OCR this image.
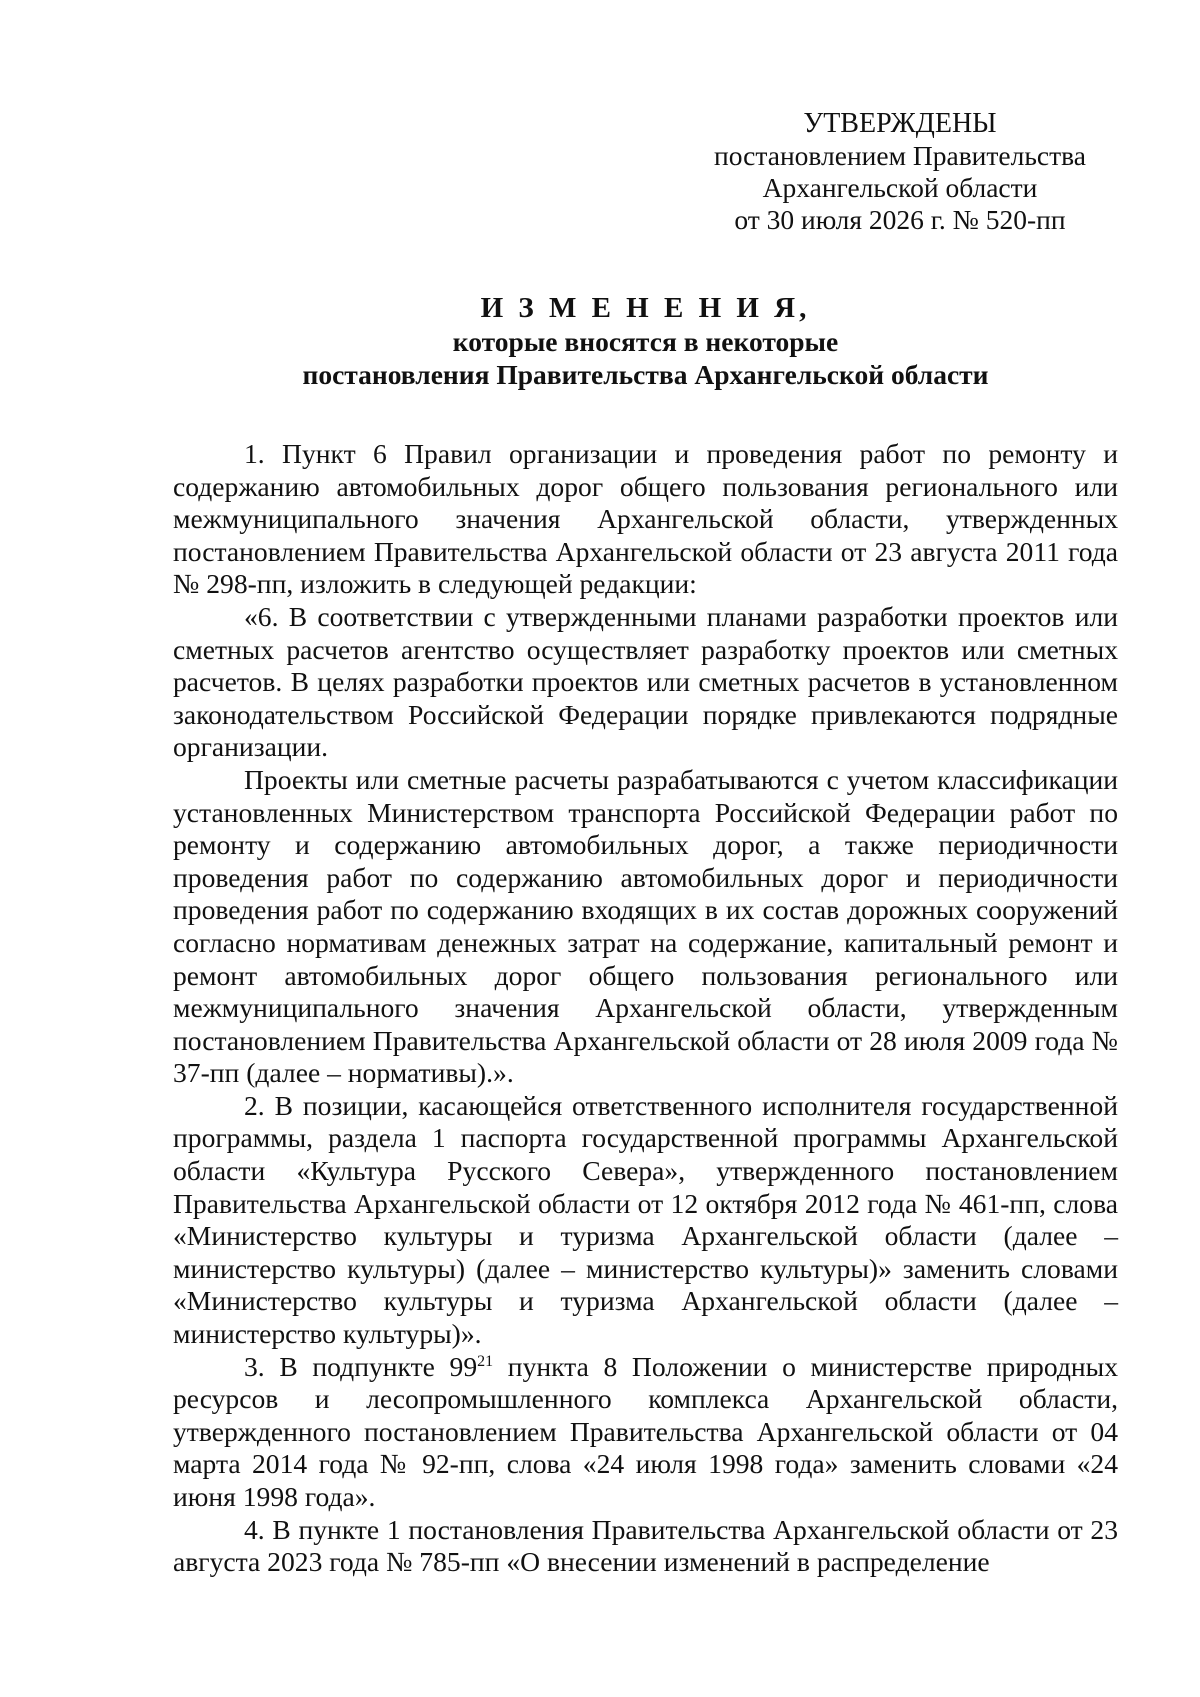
УТВЕРЖДЕНЫ
постановлением Правительства
Архангельской области
от 30 июля 2026 г. № 520-пп
И З М Е Н Е Н И Я,
которые вносятся в некоторые
постановления Правительства Архангельской области

1. Пункт 6 Правил организации и проведения работ по ремонту и содержанию автомобильных дорог общего пользования регионального или межмуниципального значения Архангельской области, утвержденных постановлением Правительства Архангельской области от 23 августа 2011 года № 298-пп, изложить в следующей редакции:

«6. В соответствии с утвержденными планами разработки проектов или сметных расчетов агентство осуществляет разработку проектов или сметных расчетов. В целях разработки проектов или сметных расчетов в установленном законодательством Российской Федерации порядке привлекаются подрядные организации.

Проекты или сметные расчеты разрабатываются с учетом классификации установленных Министерством транспорта Российской Федерации работ по ремонту и содержанию автомобильных дорог, а также периодичности проведения работ по содержанию автомобильных дорог и периодичности проведения работ по содержанию входящих в их состав дорожных сооружений согласно нормативам денежных затрат на содержание, капитальный ремонт и ремонт автомобильных дорог общего пользования регионального или межмуниципального значения Архангельской области, утвержденным постановлением Правительства Архангельской области от 28 июля 2009 года № 37-пп (далее – нормативы).».

2. В позиции, касающейся ответственного исполнителя государственной программы, раздела 1 паспорта государственной программы Архангельской области «Культура Русского Севера», утвержденного постановлением Правительства Архангельской области от 12 октября 2012 года № 461-пп, слова «Министерство культуры и туризма Архангельской области (далее – министерство культуры) (далее – министерство культуры)» заменить словами «Министерство культуры и туризма Архангельской области (далее – министерство культуры)».

3. В подпункте $99^{21}$ пункта 8 Положении о министерстве природных ресурсов и лесопромышленного комплекса Архангельской области, утвержденного постановлением Правительства Архангельской области от 04 марта 2014 года № 92-пп, слова «24 июля 1998 года» заменить словами «24 июня 1998 года».

4. В пункте 1 постановления Правительства Архангельской области от 23 августа 2023 года № 785-пп «О внесении изменений в распределение
